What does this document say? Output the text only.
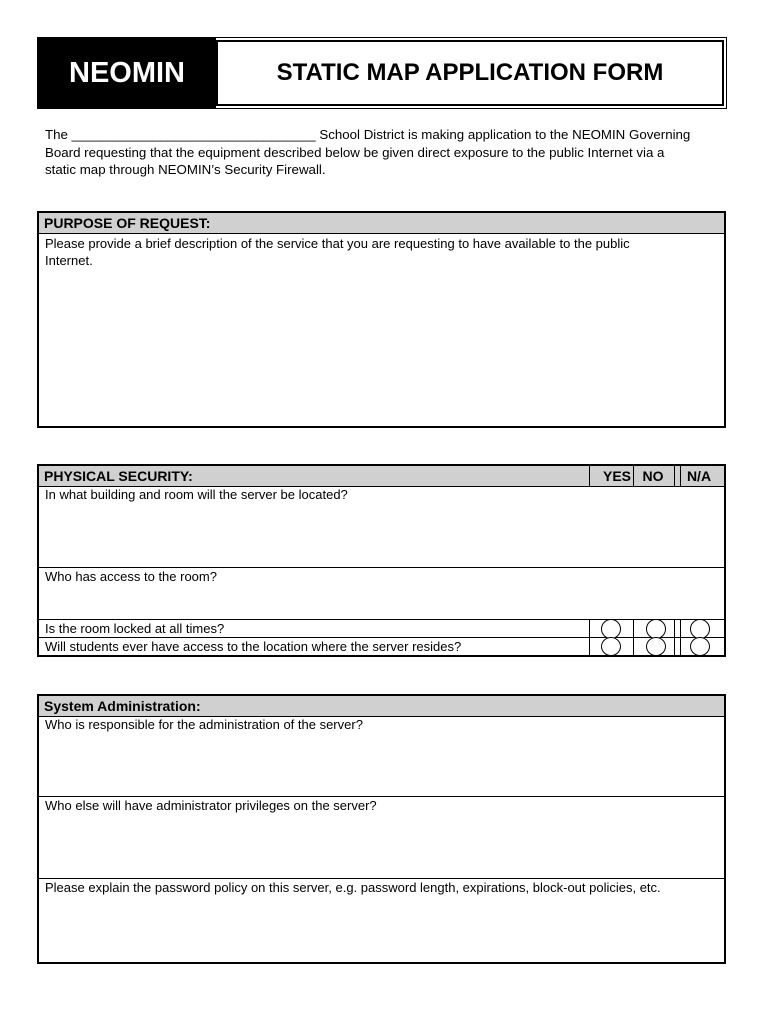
NEOMIN	STATIC MAP APPLICATION FORM
The _________________________________ School District is making application to the NEOMIN Governing
Board requesting that the equipment described below be given direct exposure to the public Internet via a
static map through NEOMIN’s Security Firewall.
PURPOSE OF REQUEST:
Please provide a brief description of the service that you are requesting to have available to the public
Internet.
PHYSICAL SECURITY:	YES NO	N/A
In what building and room will the server be located?
Who has access to the room?
Is the room locked at all times?
Will students ever have access to the location where the server resides?
System Administration:
Who is responsible for the administration of the server?
Who else will have administrator privileges on the server?
Please explain the password policy on this server, e.g. password length, expirations, block-out policies, etc.
